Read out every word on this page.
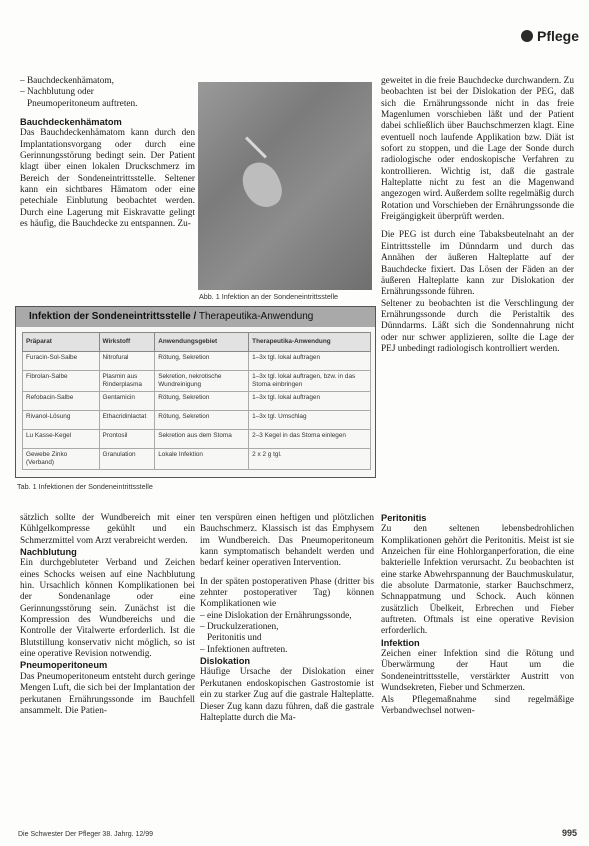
Pflege

– Bauchdeckenhämatom,

– Nachblutung oder

Pneumoperitoneum auftreten.

Bauchdeckenhämatom

Das Bauchdeckenhämatom kann durch den Implantationsvorgang oder durch eine Gerinnungsstörung bedingt sein. Der Patient klagt über einen lokalen Druckschmerz im Bereich der Sondeneintrittsstelle. Seltener kann ein sichtbares Hämatom oder eine petechiale Einblutung beobachtet werden. Durch eine Lagerung mit Eiskravatte gelingt es häufig, die Bauchdecke zu entspannen. Zu-

Abb. 1 Infektion an der Sondeneintrittsstelle

geweitet in die freie Bauchdecke durchwandern. Zu beobachten ist bei der Dislokation der PEG, daß sich die Ernährungssonde nicht in das freie Magenlumen vorschieben läßt und der Patient dabei schließlich über Bauchschmerzen klagt. Eine eventuell noch laufende Applikation bzw. Diät ist sofort zu stoppen, und die Lage der Sonde durch radiologische oder endoskopische Verfahren zu kontrollieren. Wichtig ist, daß die gastrale Halteplatte nicht zu fest an die Magenwand angezogen wird. Außerdem sollte regelmäßig durch Rotation und Vorschieben der Ernährungssonde die Freigängigkeit überprüft werden.

Die PEG ist durch eine Tabaksbeutelnaht an der Eintrittsstelle im Dünndarm und durch das Annähen der äußeren Halteplatte auf der Bauchdecke fixiert. Das Lösen der Fäden an der äußeren Halteplatte kann zur Dislokation der Ernährungssonde führen.

Seltener zu beobachten ist die Verschlingung der Ernährungssonde durch die Peristaltik des Dünndarms. Läßt sich die Sondennahrung nicht oder nur schwer applizieren, sollte die Lage der PEJ unbedingt radiologisch kontrolliert werden.

Infektion der Sondeneintrittsstelle / Therapeutika-Anwendung
Präparat	Wirkstoff	Anwendungsgebiet	Therapeutika-Anwendung
Furacin-Sol-Salbe	Nitrofural	Rötung, Sekretion	1–3x tgl. lokal auftragen
Fibrolan-Salbe	Plasmin aus Rinderplasma	Sekretion, nekrotische Wundreinigung	1–3x tgl. lokal auftragen, bzw. in das Stoma einbringen
Refobacin-Salbe	Gentamicin	Rötung, Sekretion	1–3x tgl. lokal auftragen
Rivanol-Lösung	Ethacridinlactat	Rötung, Sekretion	1–3x tgl. Umschlag
Lu Kasse-Kegel	Prontosil	Sekretion aus dem Stoma	2–3 Kegel in das Stoma einlegen
Gewebe Zinko (Verband)	Granulation	Lokale Infektion	2 x 2 g tgl.
Tab. 1 Infektionen der Sondeneintrittsstelle

sätzlich sollte der Wundbereich mit einer Kühlgelkompresse gekühlt und ein Schmerzmittel vom Arzt verabreicht werden.

Nachblutung

Ein durchgebluteter Verband und Zeichen eines Schocks weisen auf eine Nachblutung hin. Ursachlich können Komplikationen bei der Sondenanlage oder eine Gerinnungsstörung sein. Zunächst ist die Kompression des Wundbereichs und die Kontrolle der Vitalwerte erforderlich. Ist die Blutstillung konservativ nicht möglich, so ist eine operative Revision notwendig.

Pneumoperitoneum

Das Pneumoperitoneum entsteht durch geringe Mengen Luft, die sich bei der Implantation der perkutanen Ernährungssonde im Bauchfell ansammelt. Die Patien-

ten verspüren einen heftigen und plötzlichen Bauchschmerz. Klassisch ist das Emphysem im Wundbereich. Das Pneumoperitoneum kann symptomatisch behandelt werden und bedarf keiner operativen Intervention.

In der späten postoperativen Phase (dritter bis zehnter postoperativer Tag) können Komplikationen wie

– eine Dislokation der Ernährungssonde,

– Druckulzerationen,

Peritonitis und

– Infektionen auftreten.

Dislokation

Häufige Ursache der Dislokation einer Perkutanen endoskopischen Gastrostomie ist ein zu starker Zug auf die gastrale Halteplatte. Dieser Zug kann dazu führen, daß die gastrale Halteplatte durch die Ma-

Peritonitis

Zu den seltenen lebensbedrohlichen Komplikationen gehört die Peritonitis. Meist ist sie Anzeichen für eine Hohlorganperforation, die eine bakterielle Infektion verursacht. Zu beobachten ist eine starke Abwehrspannung der Bauchmuskulatur, die absolute Darmatonie, starker Bauchschmerz, Schnappatmung und Schock. Auch können zusätzlich Übelkeit, Erbrechen und Fieber auftreten. Oftmals ist eine operative Revision erforderlich.

Infektion

Zeichen einer Infektion sind die Rötung und Überwärmung der Haut um die Sondeneintrittsstelle, verstärkter Austritt von Wundsekreten, Fieber und Schmerzen.

Als Pflegemaßnahme sind regelmäßige Verbandwechsel notwen-

Die Schwester Der Pfleger 38. Jahrg. 12/99	995
